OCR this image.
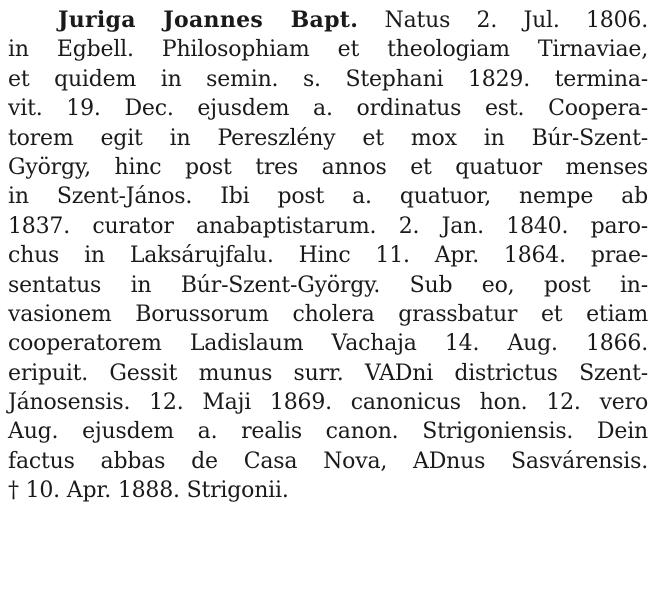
Juriga Joannes Bapt. Natus 2. Jul. 1806.
in Egbell. Philosophiam et theologiam Tirnaviae,
et quidem in semin. s. Stephani 1829. termina-
vit. 19. Dec. ejusdem a. ordinatus est. Coopera-
torem egit in Pereszlény et mox in Búr-Szent-
György, hinc post tres annos et quatuor menses
in Szent-János. Ibi post a. quatuor, nempe ab
1837. curator anabaptistarum. 2. Jan. 1840. paro-
chus in Laksárujfalu. Hinc 11. Apr. 1864. prae-
sentatus in Búr-Szent-György. Sub eo, post in-
vasionem Borussorum cholera grassbatur et etiam
cooperatorem Ladislaum Vachaja 14. Aug. 1866.
eripuit. Gessit munus surr. VADni districtus Szent-
Jánosensis. 12. Maji 1869. canonicus hon. 12. vero
Aug. ejusdem a. realis canon. Strigoniensis. Dein
factus abbas de Casa Nova, ADnus Sasvárensis.
† 10. Apr. 1888. Strigonii.
